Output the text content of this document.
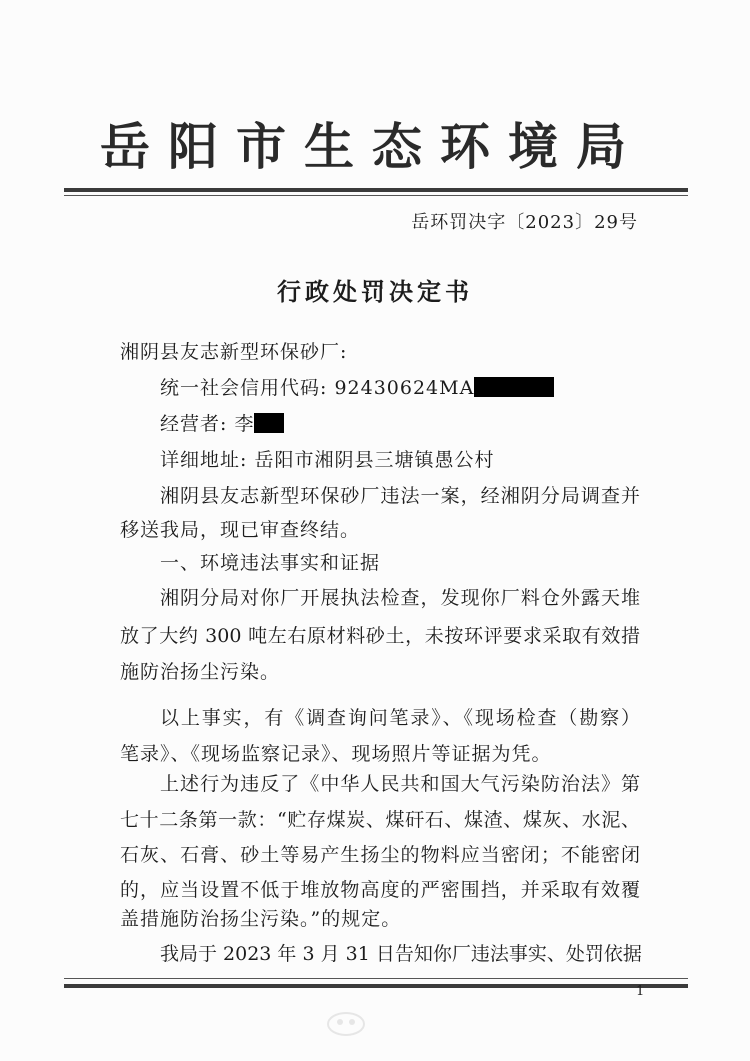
岳阳市生态环境局
岳环罚决字〔2023〕29号
行政处罚决定书
湘阴县友志新型环保砂厂:
统一社会信用代码: 92430624MA
经营者: 李
详细地址: 岳阳市湘阴县三塘镇愚公村
湘阴县友志新型环保砂厂违法一案，经湘阴分局调查并
移送我局，现已审查终结。
一、环境违法事实和证据
湘阴分局对你厂开展执法检查，发现你厂料仓外露天堆
放了大约 300 吨左右原材料砂土，未按环评要求采取有效措
施防治扬尘污染。
以上事实，有《调查询问笔录》、《现场检查（勘察）
笔录》、《现场监察记录》、现场照片等证据为凭。
上述行为违反了《中华人民共和国大气污染防治法》第
七十二条第一款：“贮存煤炭、煤矸石、煤渣、煤灰、水泥、
石灰、石膏、砂土等易产生扬尘的物料应当密闭；不能密闭
的，应当设置不低于堆放物高度的严密围挡，并采取有效覆
盖措施防治扬尘污染。”的规定。
我局于 2023 年 3 月 31 日告知你厂违法事实、处罚依据
1
